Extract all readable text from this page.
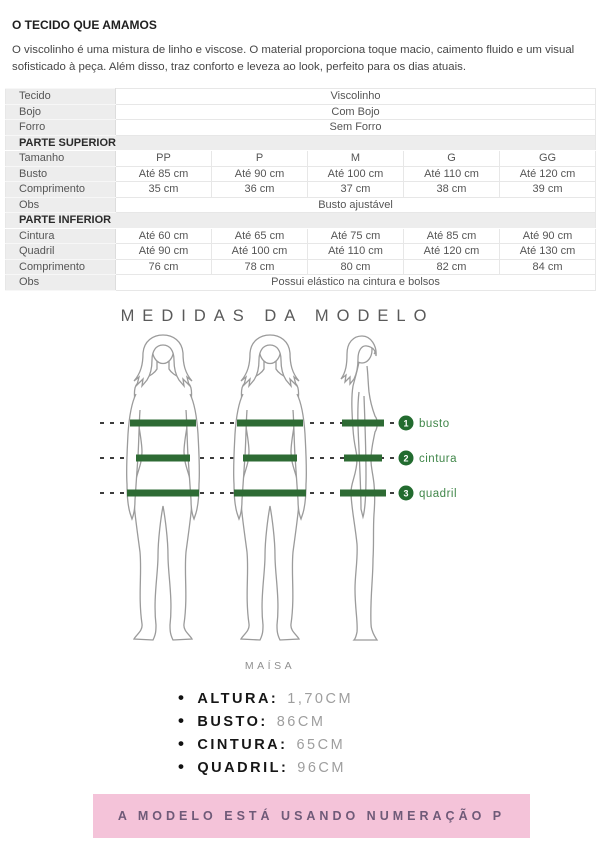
O TECIDO QUE AMAMOS

O viscolinho é uma mistura de linho e viscose. O material proporciona toque macio, caimento fluido e um visual sofisticado à peça. Além disso, traz conforto e leveza ao look, perfeito para os dias atuais.

Tecido	Viscolinho				
Bojo	Com Bojo				
Forro	Sem Forro				
PARTE SUPERIOR					
Tamanho	PP	P	M	G	GG
Busto	Até 85 cm	Até 90 cm	Até 100 cm	Até 110 cm	Até 120 cm
Comprimento	35 cm	36 cm	37 cm	38 cm	39 cm
Obs	Busto ajustável				
PARTE INFERIOR					
Cintura	Até 60 cm	Até 65 cm	Até 75 cm	Até 85 cm	Até 90 cm
Quadril	Até 90 cm	Até 100 cm	Até 110 cm	Até 120 cm	Até 130 cm
Comprimento	76 cm	78 cm	80 cm	82 cm	84 cm
Obs	Possui elástico na cintura e bolsos				
MEDIDAS DA MODELO
1 busto
2 cintura
3 quadril
MAÍSA
• ALTURA: 1,70CM
• BUSTO: 86CM
• CINTURA: 65CM
• QUADRIL: 96CM
A MODELO ESTÁ USANDO NUMERAÇÃO P
